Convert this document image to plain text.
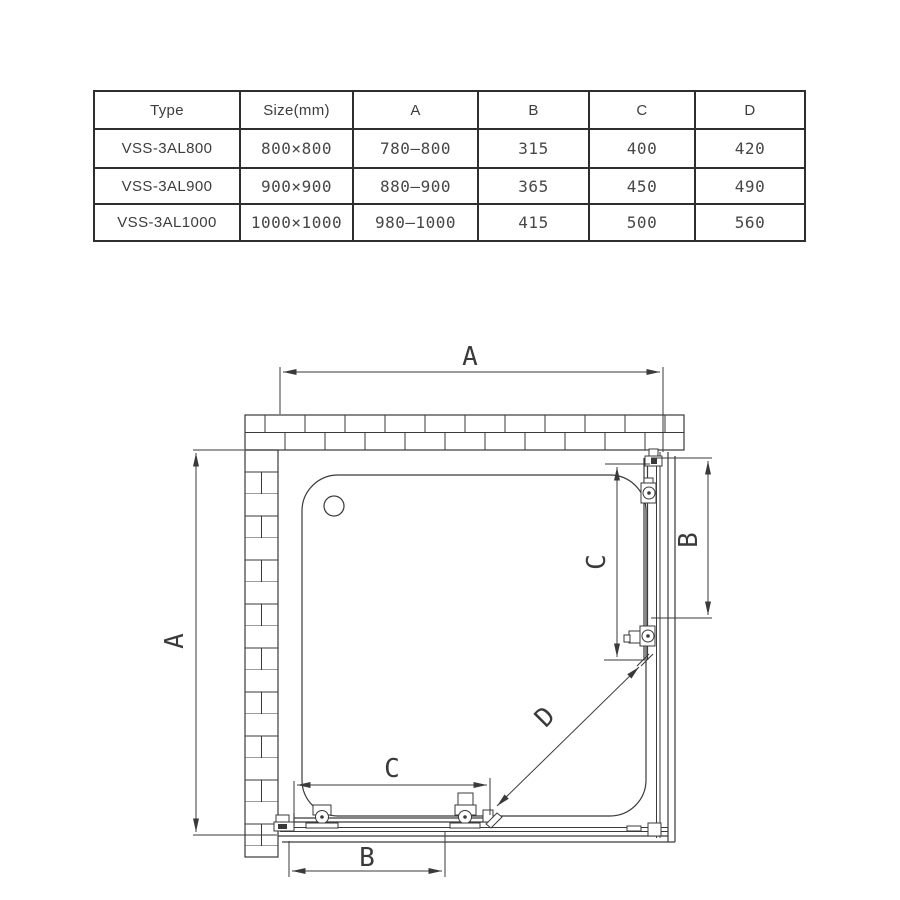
Type	Size(mm)	A	B	C	D
VSS-3AL800	800×800	780–800	315	400	420
VSS-3AL900	900×900	880–900	365	450	490
VSS-3AL1000	1000×1000	980–1000	415	500	560
A
A
B
C
C
B
D
